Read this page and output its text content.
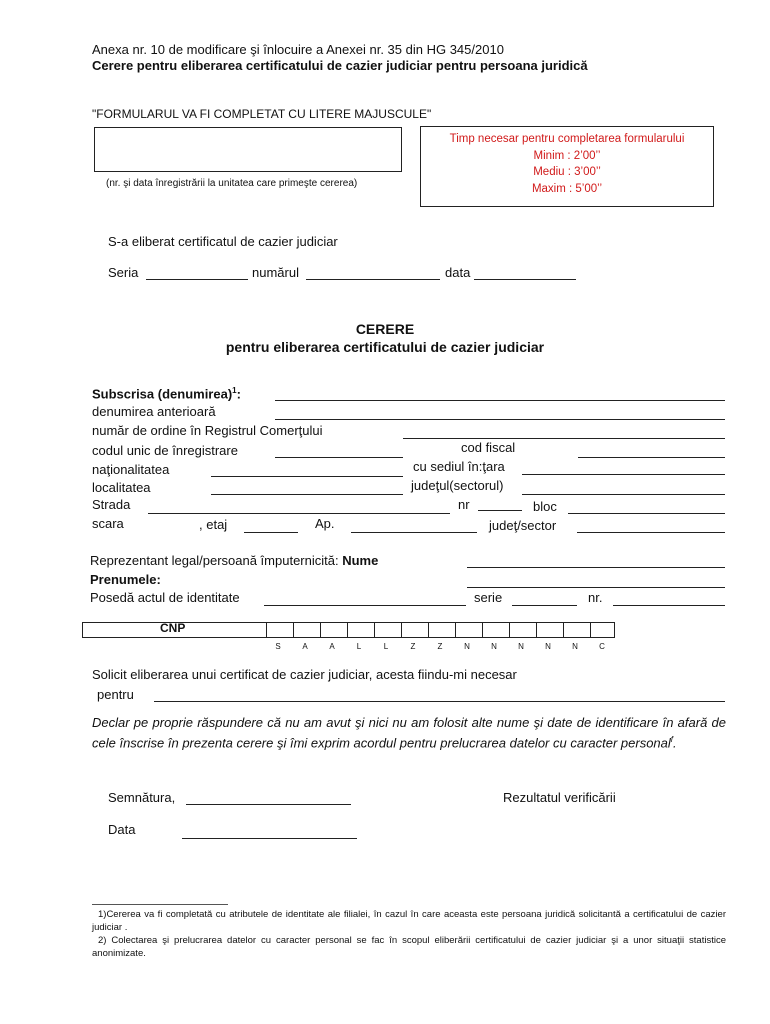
Anexa nr. 10 de modificare şi înlocuire a Anexei nr. 35 din HG 345/2010
Cerere pentru eliberarea certificatului de cazier judiciar pentru persoana juridică
"FORMULARUL VA FI COMPLETAT CU LITERE MAJUSCULE"
(nr. şi data înregistrării la unitatea care primeşte cererea)
Timp necesar pentru completarea formularului
Minim : 2’00’’
Mediu : 3’00’’
Maxim : 5’00’’
S-a eliberat certificatul de cazier judiciar
Seria	numărul	data
CERERE
pentru eliberarea certificatului de cazier judiciar
Subscrisa (denumirea)$^1$:
denumirea anterioară
număr de ordine în Registrul Comerţului
codul unic de înregistrare	cod fiscal
naţionalitatea	cu sediul în:ţara
localitatea	judeţul(sectorul)
Strada	nr	bloc
scara	, etaj	Ap.	judeţ/sector
Reprezentant legal/persoană împuternicită: Nume
Prenumele:
Posedă actul de identitate	serie	nr.
CNP
S	A	A	L	L	Z	Z	N	N	N	N	N	C
Solicit eliberarea unui certificat de cazier judiciar, acesta fiindu-mi necesar
pentru
Declar pe proprie răspundere că nu am avut şi nici nu am folosit alte nume şi date de identificare în afară de cele înscrise în prezenta cerere şi îmi exprim acordul pentru prelucrarea datelor cu caracter personal$^f$.
Semnătura,	Rezultatul verificării
Data
1)Cererea va fi completată cu atributele de identitate ale filialei, în cazul în care aceasta este persoana juridică solicitantă a certificatului de cazier judiciar .
2) Colectarea şi prelucrarea datelor cu caracter personal se fac în scopul eliberării certificatului de cazier judiciar şi a unor situaţii statistice anonimizate.
